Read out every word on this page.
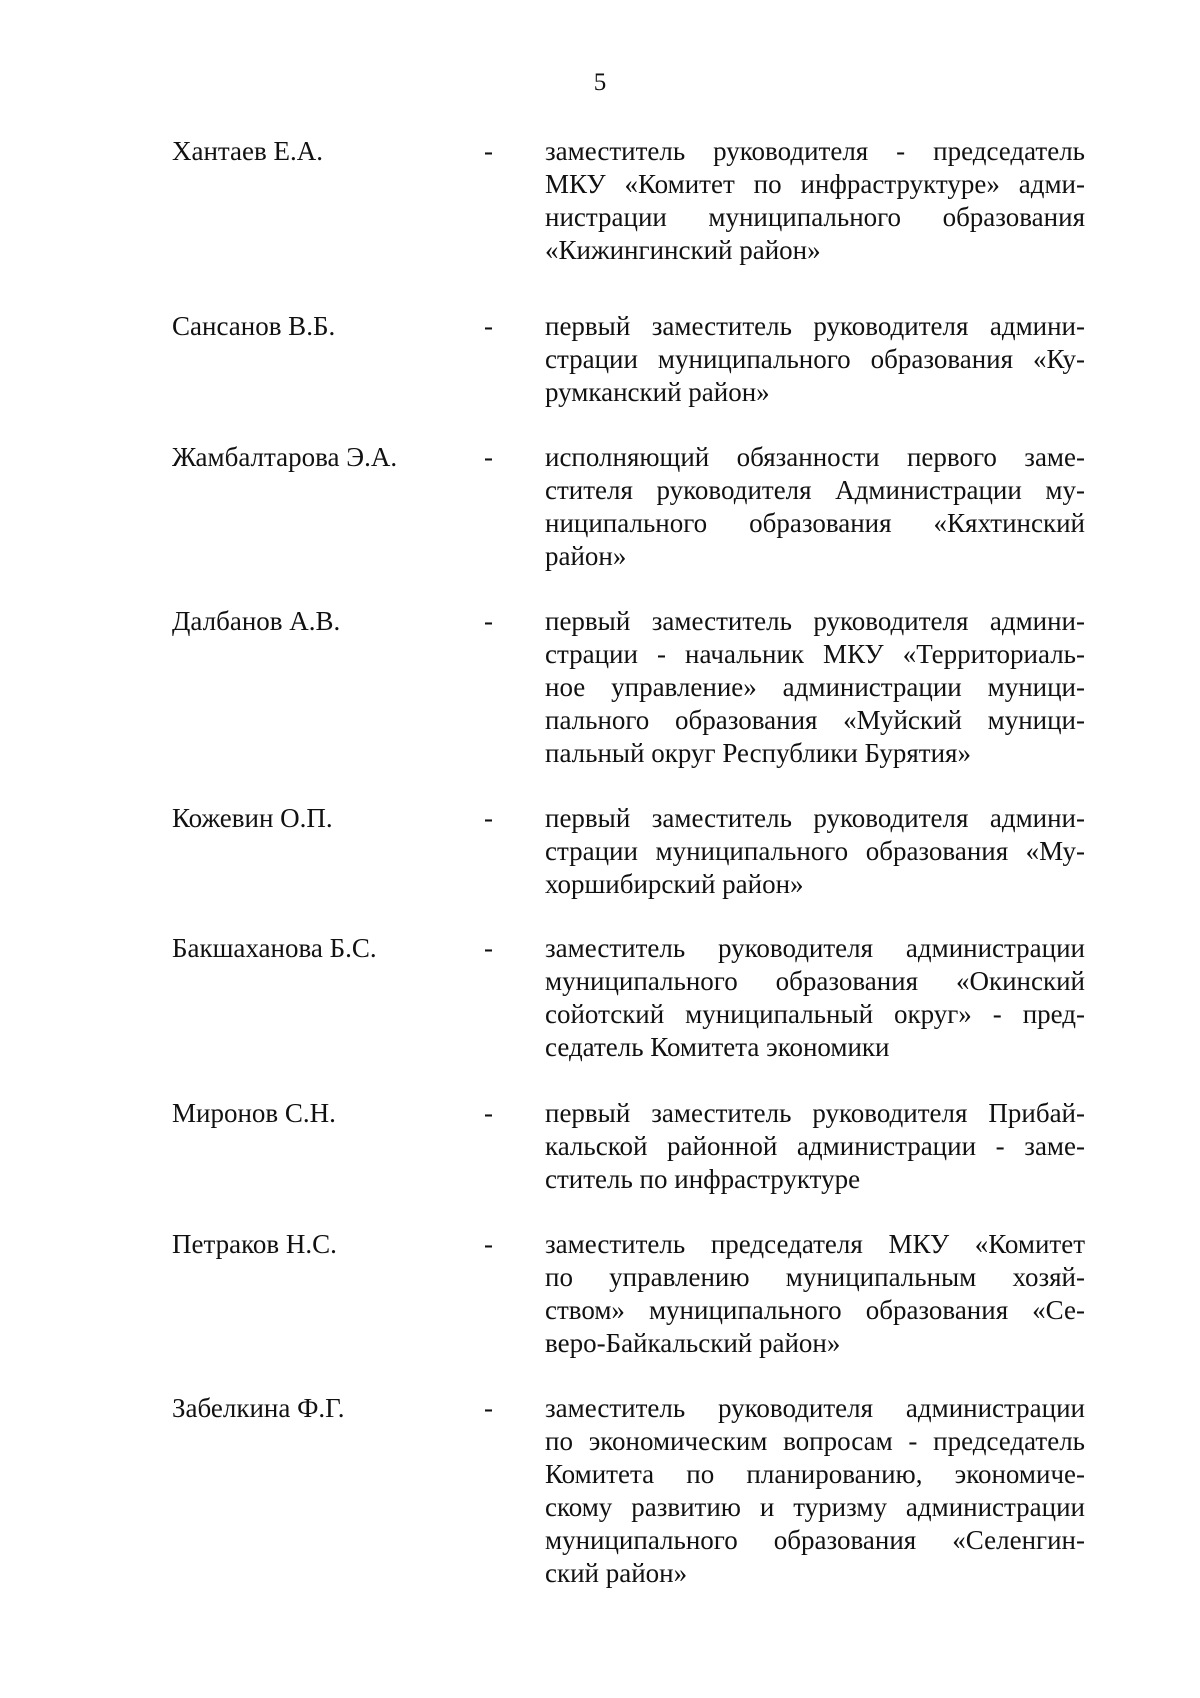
5
Хантаев Е.А.	- заместитель руководителя - председатель
МКУ «Комитет по инфраструктуре» адми-
нистрации муниципального образования
«Кижингинский район»
Сансанов В.Б.	- первый заместитель руководителя админи-
страции муниципального образования «Ку-
румканский район»
Жамбалтарова Э.А.	- исполняющий обязанности первого заме-
стителя руководителя Администрации му-
ниципального образования «Кяхтинский
район»
Далбанов А.В.	- первый заместитель руководителя админи-
страции - начальник МКУ «Территориаль-
ное управление» администрации муници-
пального образования «Муйский муници-
пальный округ Республики Бурятия»
Кожевин О.П.	- первый заместитель руководителя админи-
страции муниципального образования «Му-
хоршибирский район»
Бакшаханова Б.С.	- заместитель руководителя администрации
муниципального образования «Окинский
сойотский муниципальный округ» - пред-
седатель Комитета экономики
Миронов С.Н.	- первый заместитель руководителя Прибай-
кальской районной администрации - заме-
ститель по инфраструктуре
Петраков Н.С.	- заместитель председателя МКУ «Комитет
по управлению муниципальным хозяй-
ством» муниципального образования «Се-
веро-Байкальский район»
Забелкина Ф.Г.	- заместитель руководителя администрации
по экономическим вопросам - председатель
Комитета по планированию, экономиче-
скому развитию и туризму администрации
муниципального образования «Селенгин-
ский район»
